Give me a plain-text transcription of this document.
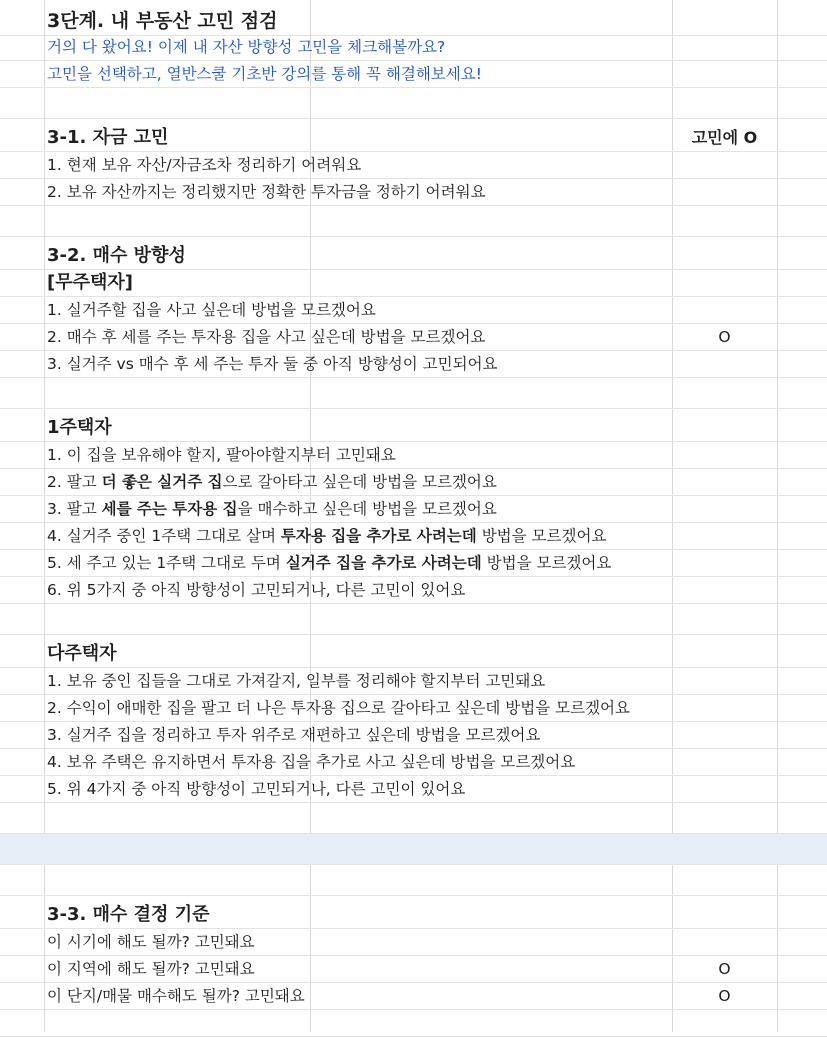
3단계. 내 부동산 고민 점검
거의 다 왔어요! 이제 내 자산 방향성 고민을 체크해볼까요?
고민을 선택하고, 열반스쿨 기초반 강의를 통해 꼭 해결해보세요!
3-1. 자금 고민	고민에 O
1. 현재 보유 자산/자금조차 정리하기 어려워요
2. 보유 자산까지는 정리했지만 정확한 투자금을 정하기 어려워요
3-2. 매수 방향성
[무주택자]
1. 실거주할 집을 사고 싶은데 방법을 모르겠어요
2. 매수 후 세를 주는 투자용 집을 사고 싶은데 방법을 모르겠어요	O
3. 실거주 vs 매수 후 세 주는 투자 둘 중 아직 방향성이 고민되어요
1주택자
1. 이 집을 보유해야 할지, 팔아야할지부터 고민돼요
2. 팔고 더 좋은 실거주 집으로 갈아타고 싶은데 방법을 모르겠어요
3. 팔고 세를 주는 투자용 집을 매수하고 싶은데 방법을 모르겠어요
4. 실거주 중인 1주택 그대로 살며 투자용 집을 추가로 사려는데 방법을 모르겠어요
5. 세 주고 있는 1주택 그대로 두며 실거주 집을 추가로 사려는데 방법을 모르겠어요
6. 위 5가지 중 아직 방향성이 고민되거나, 다른 고민이 있어요
다주택자
1. 보유 중인 집들을 그대로 가져갈지, 일부를 정리해야 할지부터 고민돼요
2. 수익이 애매한 집을 팔고 더 나은 투자용 집으로 갈아타고 싶은데 방법을 모르겠어요
3. 실거주 집을 정리하고 투자 위주로 재편하고 싶은데 방법을 모르겠어요
4. 보유 주택은 유지하면서 투자용 집을 추가로 사고 싶은데 방법을 모르겠어요
5. 위 4가지 중 아직 방향성이 고민되거나, 다른 고민이 있어요
3-3. 매수 결정 기준
이 시기에 해도 될까? 고민돼요
이 지역에 해도 될까? 고민돼요	O
이 단지/매물 매수해도 될까? 고민돼요	O
